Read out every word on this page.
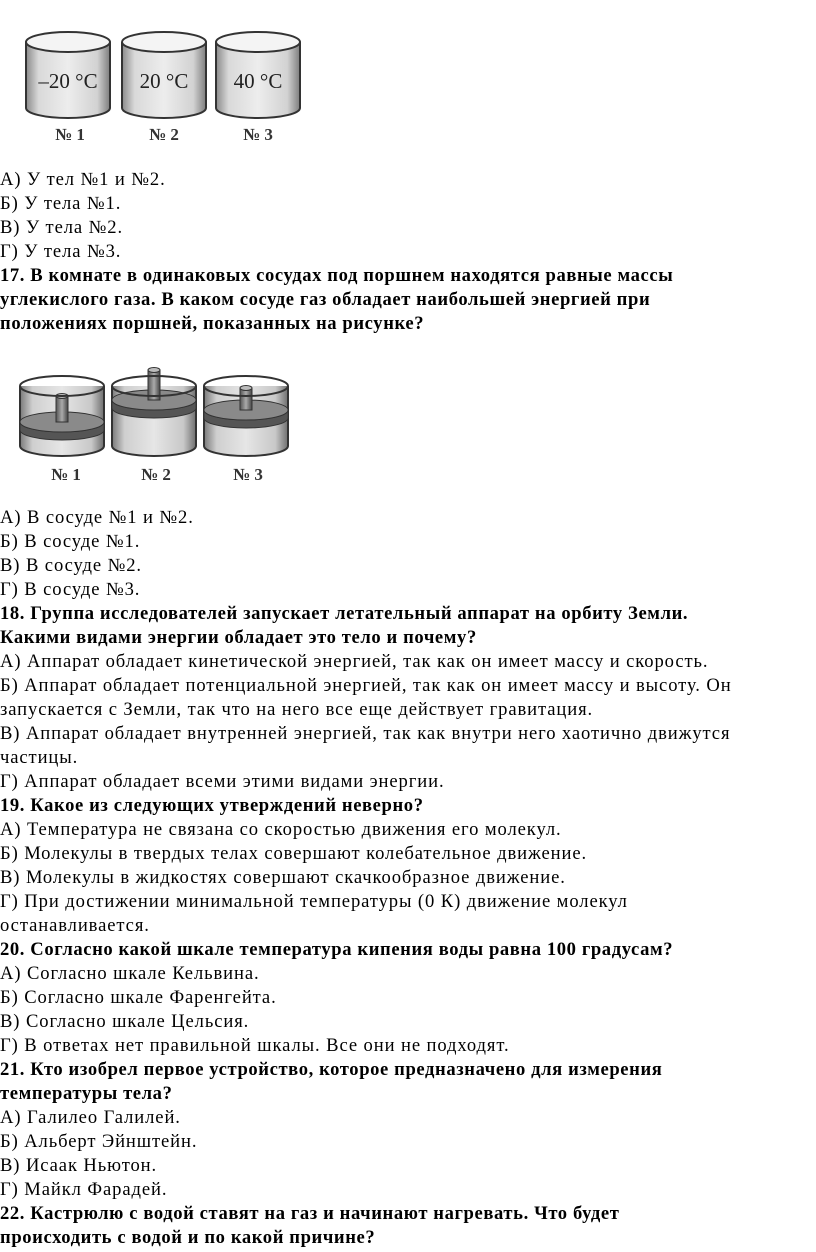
–20 °C 20 °C 40 °C
№ 1	№ 2	№ 3
А) У тел №1 и №2.
Б) У тела №1.
В) У тела №2.
Г) У тела №3.
17. В комнате в одинаковых сосудах под поршнем находятся равные массы
углекислого газа. В каком сосуде газ обладает наибольшей энергией при
положениях поршней, показанных на рисунке?
№ 1	№ 2	№ 3
А) В сосуде №1 и №2.
Б) В сосуде №1.
В) В сосуде №2.
Г) В сосуде №3.
18. Группа исследователей запускает летательный аппарат на орбиту Земли.
Какими видами энергии обладает это тело и почему?
А) Аппарат обладает кинетической энергией, так как он имеет массу и скорость.
Б) Аппарат обладает потенциальной энергией, так как он имеет массу и высоту. Он
запускается с Земли, так что на него все еще действует гравитация.
В) Аппарат обладает внутренней энергией, так как внутри него хаотично движутся
частицы.
Г) Аппарат обладает всеми этими видами энергии.
19. Какое из следующих утверждений неверно?
А) Температура не связана со скоростью движения его молекул.
Б) Молекулы в твердых телах совершают колебательное движение.
В) Молекулы в жидкостях совершают скачкообразное движение.
Г) При достижении минимальной температуры (0 К) движение молекул
останавливается.
20. Согласно какой шкале температура кипения воды равна 100 градусам?
А) Согласно шкале Кельвина.
Б) Согласно шкале Фаренгейта.
В) Согласно шкале Цельсия.
Г) В ответах нет правильной шкалы. Все они не подходят.
21. Кто изобрел первое устройство, которое предназначено для измерения
температуры тела?
А) Галилео Галилей.
Б) Альберт Эйнштейн.
В) Исаак Ньютон.
Г) Майкл Фарадей.
22. Кастрюлю с водой ставят на газ и начинают нагревать. Что будет
происходить с водой и по какой причине?
